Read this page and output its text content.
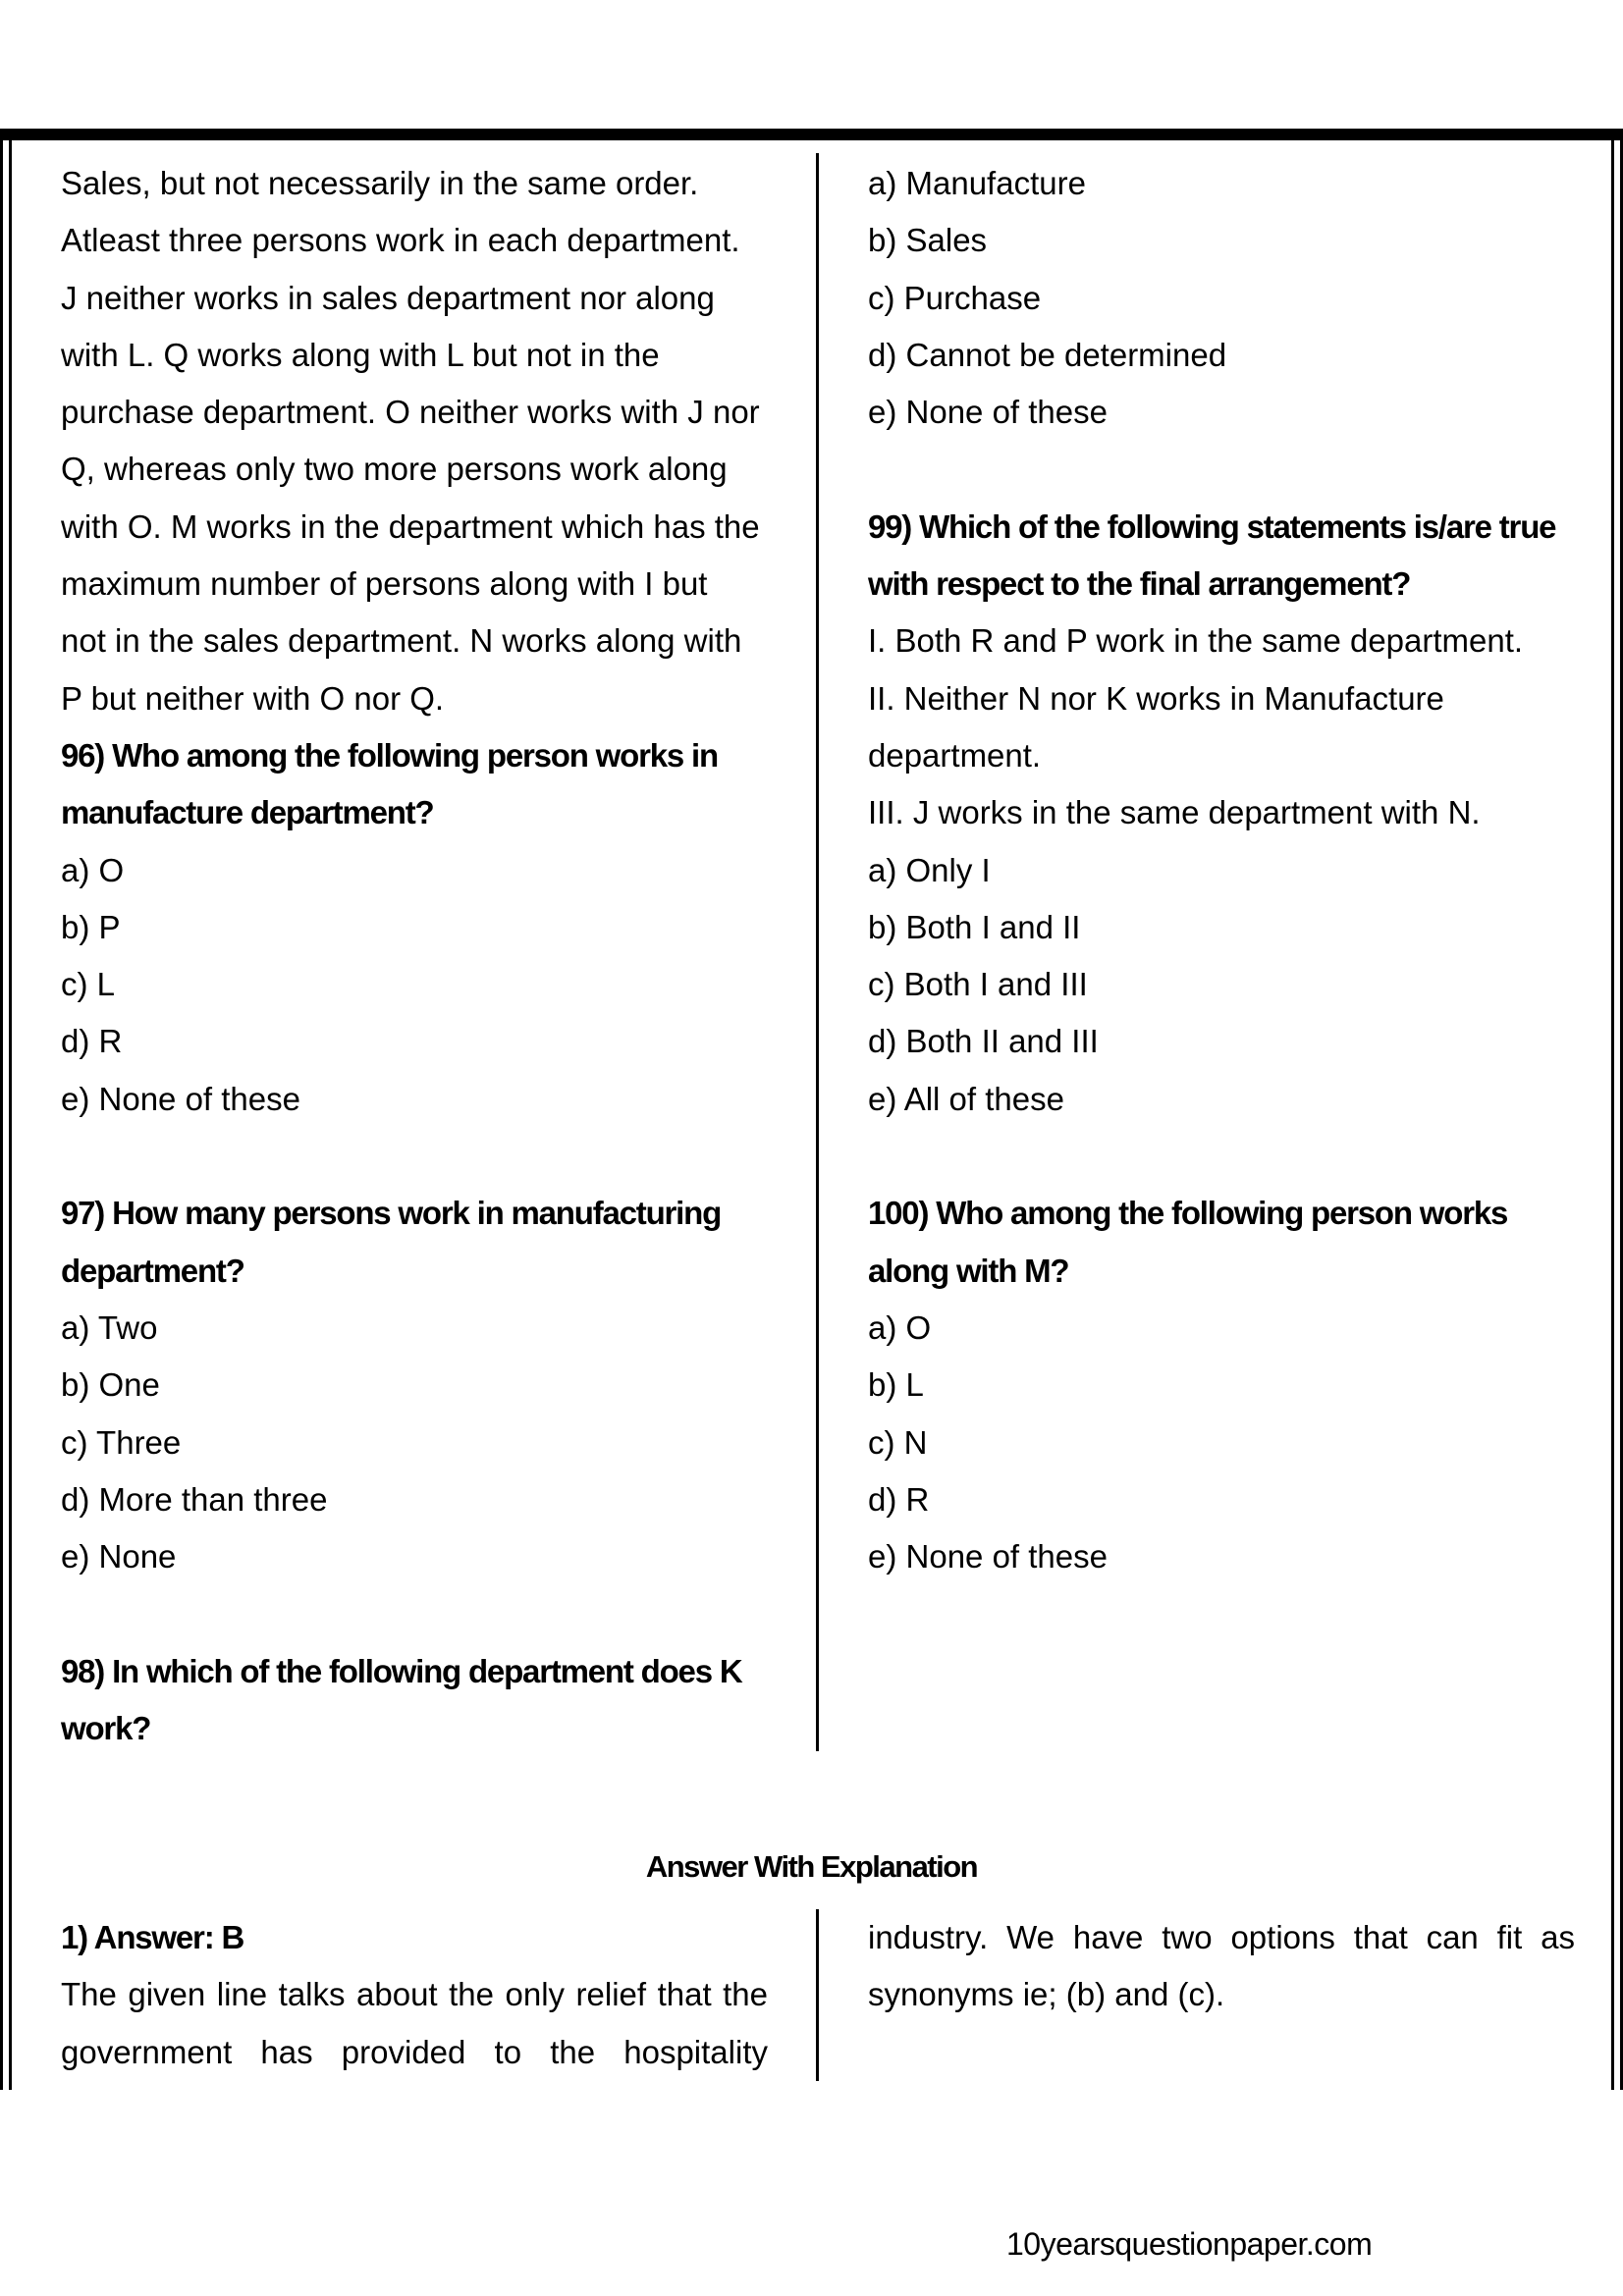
Sales, but not necessarily in the same order.
Atleast three persons work in each department.
J neither works in sales department nor along
with L. Q works along with L but not in the
purchase department. O neither works with J nor
Q, whereas only two more persons work along
with O. M works in the department which has the
maximum number of persons along with I but
not in the sales department. N works along with
P but neither with O nor Q.
96) Who among the following person works in
manufacture department?
a) O
b) P
c) L
d) R
e) None of these
97) How many persons work in manufacturing
department?
a) Two
b) One
c) Three
d) More than three
e) None
98) In which of the following department does K
work?
a) Manufacture
b) Sales
c) Purchase
d) Cannot be determined
e) None of these
99) Which of the following statements is/are true
with respect to the final arrangement?
I. Both R and P work in the same department.
II. Neither N nor K works in Manufacture
department.
III. J works in the same department with N.
a) Only I
b) Both I and II
c) Both I and III
d) Both II and III
e) All of these
100) Who among the following person works
along with M?
a) O
b) L
c) N
d) R
e) None of these
Answer With Explanation
1) Answer: B
The given line talks about the only relief that the
government has provided to the hospitality
industry. We have two options that can fit as
synonyms ie; (b) and (c).
10yearsquestionpaper.com
